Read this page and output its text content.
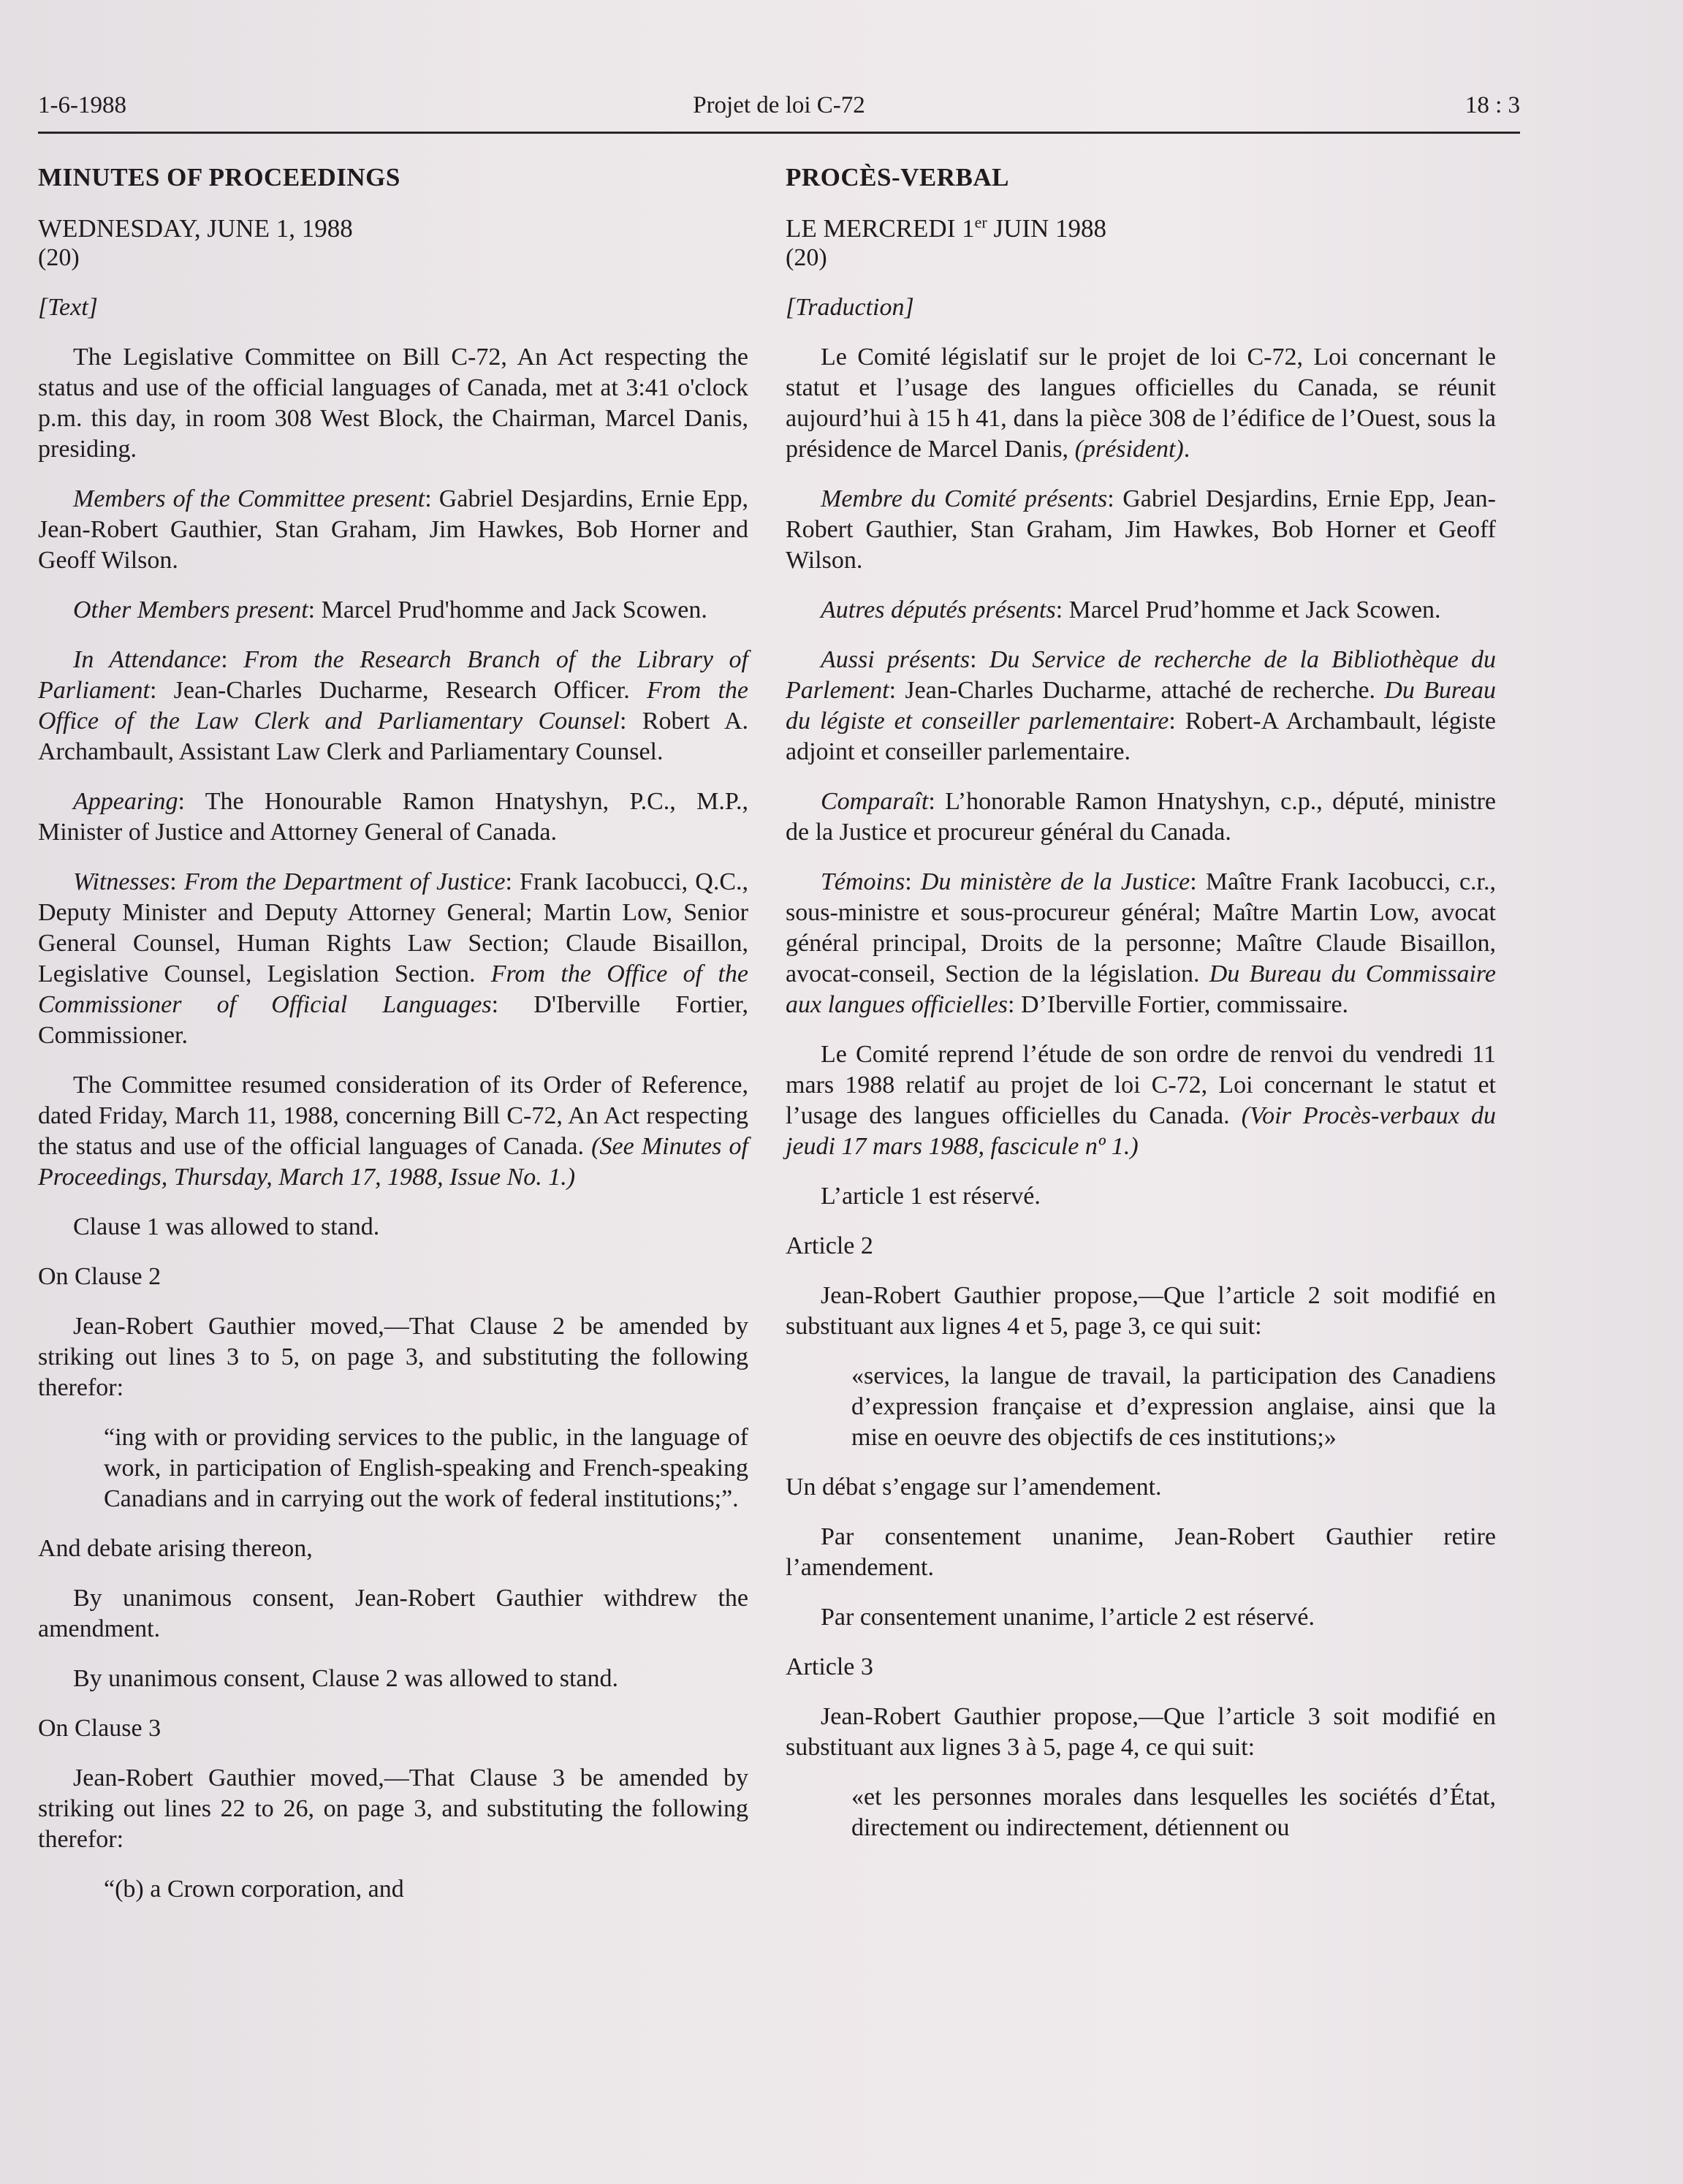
1-6-1988	Projet de loi C-72	18 : 3

MINUTES OF PROCEEDINGS

WEDNESDAY, JUNE 1, 1988

(20)

[Text]

The Legislative Committee on Bill C-72, An Act respecting the status and use of the official languages of Canada, met at 3:41 o'clock p.m. this day, in room 308 West Block, the Chairman, Marcel Danis, presiding.

Members of the Committee present: Gabriel Desjardins, Ernie Epp, Jean-Robert Gauthier, Stan Graham, Jim Hawkes, Bob Horner and Geoff Wilson.

Other Members present: Marcel Prud'homme and Jack Scowen.

In Attendance: From the Research Branch of the Library of Parliament: Jean-Charles Ducharme, Research Officer. From the Office of the Law Clerk and Parliamentary Counsel: Robert A. Archambault, Assistant Law Clerk and Parliamentary Counsel.

Appearing: The Honourable Ramon Hnatyshyn, P.C., M.P., Minister of Justice and Attorney General of Canada.

Witnesses: From the Department of Justice: Frank Iacobucci, Q.C., Deputy Minister and Deputy Attorney General; Martin Low, Senior General Counsel, Human Rights Law Section; Claude Bisaillon, Legislative Counsel, Legislation Section. From the Office of the Commissioner of Official Languages: D'Iberville Fortier, Commissioner.

The Committee resumed consideration of its Order of Reference, dated Friday, March 11, 1988, concerning Bill C-72, An Act respecting the status and use of the official languages of Canada. (See Minutes of Proceedings, Thursday, March 17, 1988, Issue No. 1.)

Clause 1 was allowed to stand.

On Clause 2

Jean-Robert Gauthier moved,—That Clause 2 be amended by striking out lines 3 to 5, on page 3, and substituting the following therefor:

“ing with or providing services to the public, in the language of work, in participation of English-speaking and French-speaking Canadians and in carrying out the work of federal institutions;”.

And debate arising thereon,

By unanimous consent, Jean-Robert Gauthier withdrew the amendment.

By unanimous consent, Clause 2 was allowed to stand.

On Clause 3

Jean-Robert Gauthier moved,—That Clause 3 be amended by striking out lines 22 to 26, on page 3, and substituting the following therefor:

“(b) a Crown corporation, and

PROCÈS-VERBAL

LE MERCREDI 1er JUIN 1988

(20)

[Traduction]

Le Comité législatif sur le projet de loi C-72, Loi concernant le statut et l’usage des langues officielles du Canada, se réunit aujourd’hui à 15 h 41, dans la pièce 308 de l’édifice de l’Ouest, sous la présidence de Marcel Danis, (président).

Membre du Comité présents: Gabriel Desjardins, Ernie Epp, Jean-Robert Gauthier, Stan Graham, Jim Hawkes, Bob Horner et Geoff Wilson.

Autres députés présents: Marcel Prud’homme et Jack Scowen.

Aussi présents: Du Service de recherche de la Bibliothèque du Parlement: Jean-Charles Ducharme, attaché de recherche. Du Bureau du légiste et conseiller parlementaire: Robert-A Archambault, légiste adjoint et conseiller parlementaire.

Comparaît: L’honorable Ramon Hnatyshyn, c.p., député, ministre de la Justice et procureur général du Canada.

Témoins: Du ministère de la Justice: Maître Frank Iacobucci, c.r., sous-ministre et sous-procureur général; Maître Martin Low, avocat général principal, Droits de la personne; Maître Claude Bisaillon, avocat-conseil, Section de la législation. Du Bureau du Commissaire aux langues officielles: D’Iberville Fortier, commissaire.

Le Comité reprend l’étude de son ordre de renvoi du vendredi 11 mars 1988 relatif au projet de loi C-72, Loi concernant le statut et l’usage des langues officielles du Canada. (Voir Procès-verbaux du jeudi 17 mars 1988, fascicule nº 1.)

L’article 1 est réservé.

Article 2

Jean-Robert Gauthier propose,—Que l’article 2 soit modifié en substituant aux lignes 4 et 5, page 3, ce qui suit:

«services, la langue de travail, la participation des Canadiens d’expression française et d’expression anglaise, ainsi que la mise en oeuvre des objectifs de ces institutions;»

Un débat s’engage sur l’amendement.

Par consentement unanime, Jean-Robert Gauthier retire l’amendement.

Par consentement unanime, l’article 2 est réservé.

Article 3

Jean-Robert Gauthier propose,—Que l’article 3 soit modifié en substituant aux lignes 3 à 5, page 4, ce qui suit:

«et les personnes morales dans lesquelles les sociétés d’État, directement ou indirectement, détiennent ou
